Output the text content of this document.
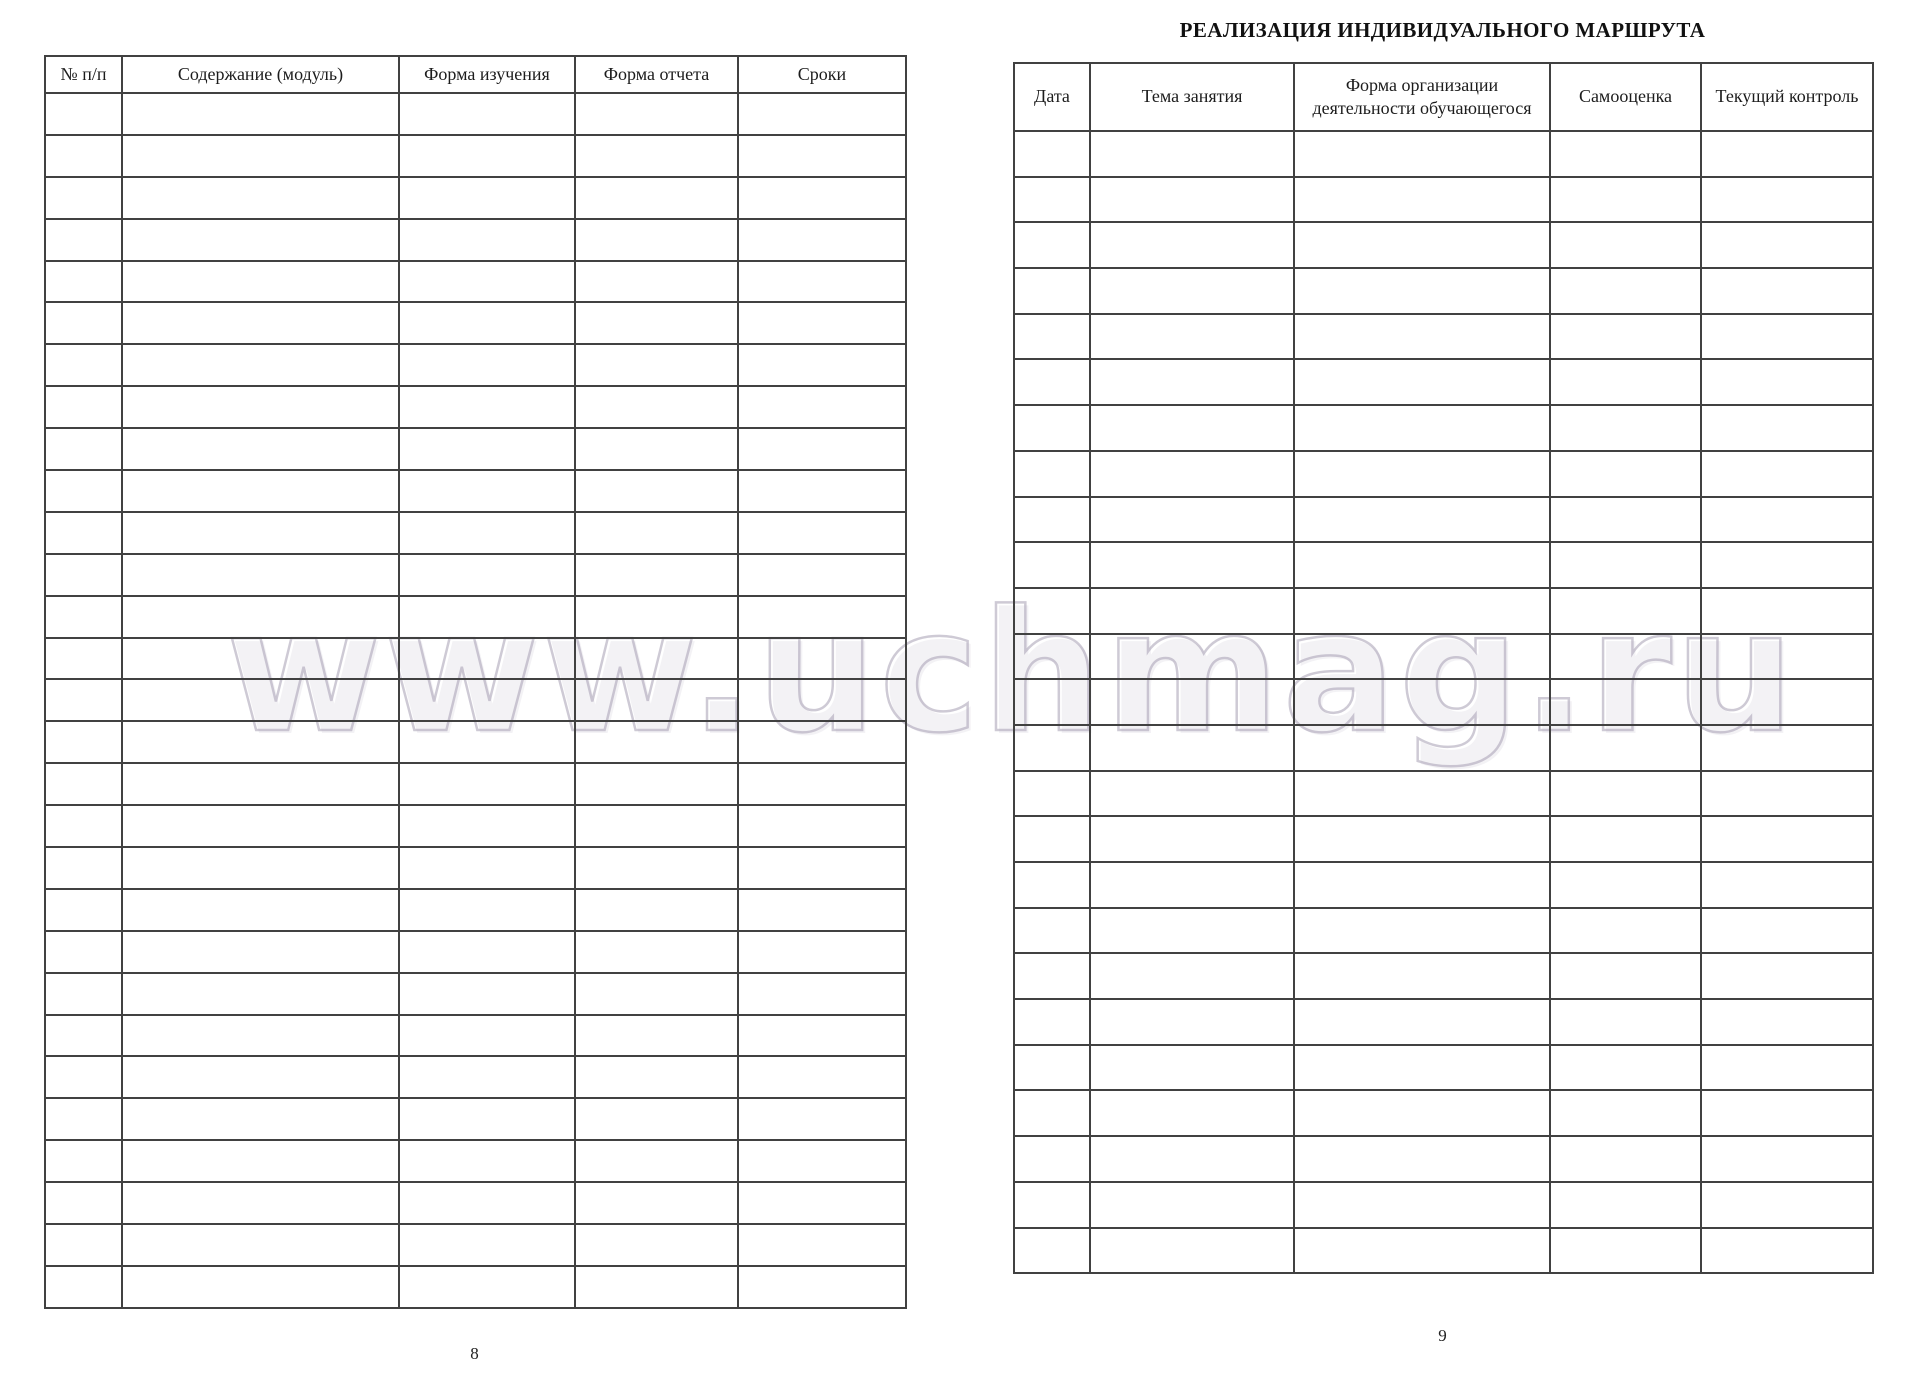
www.uchmag.ru
№ п/п	Содержание (модуль)	Форма изучения	Форма отчета	Сроки

8
РЕАЛИЗАЦИЯ ИНДИВИДУАЛЬНОГО МАРШРУТА
Дата	Тема занятия	Форма организации деятельности обучающегося	Самооценка	Текущий контроль

9
